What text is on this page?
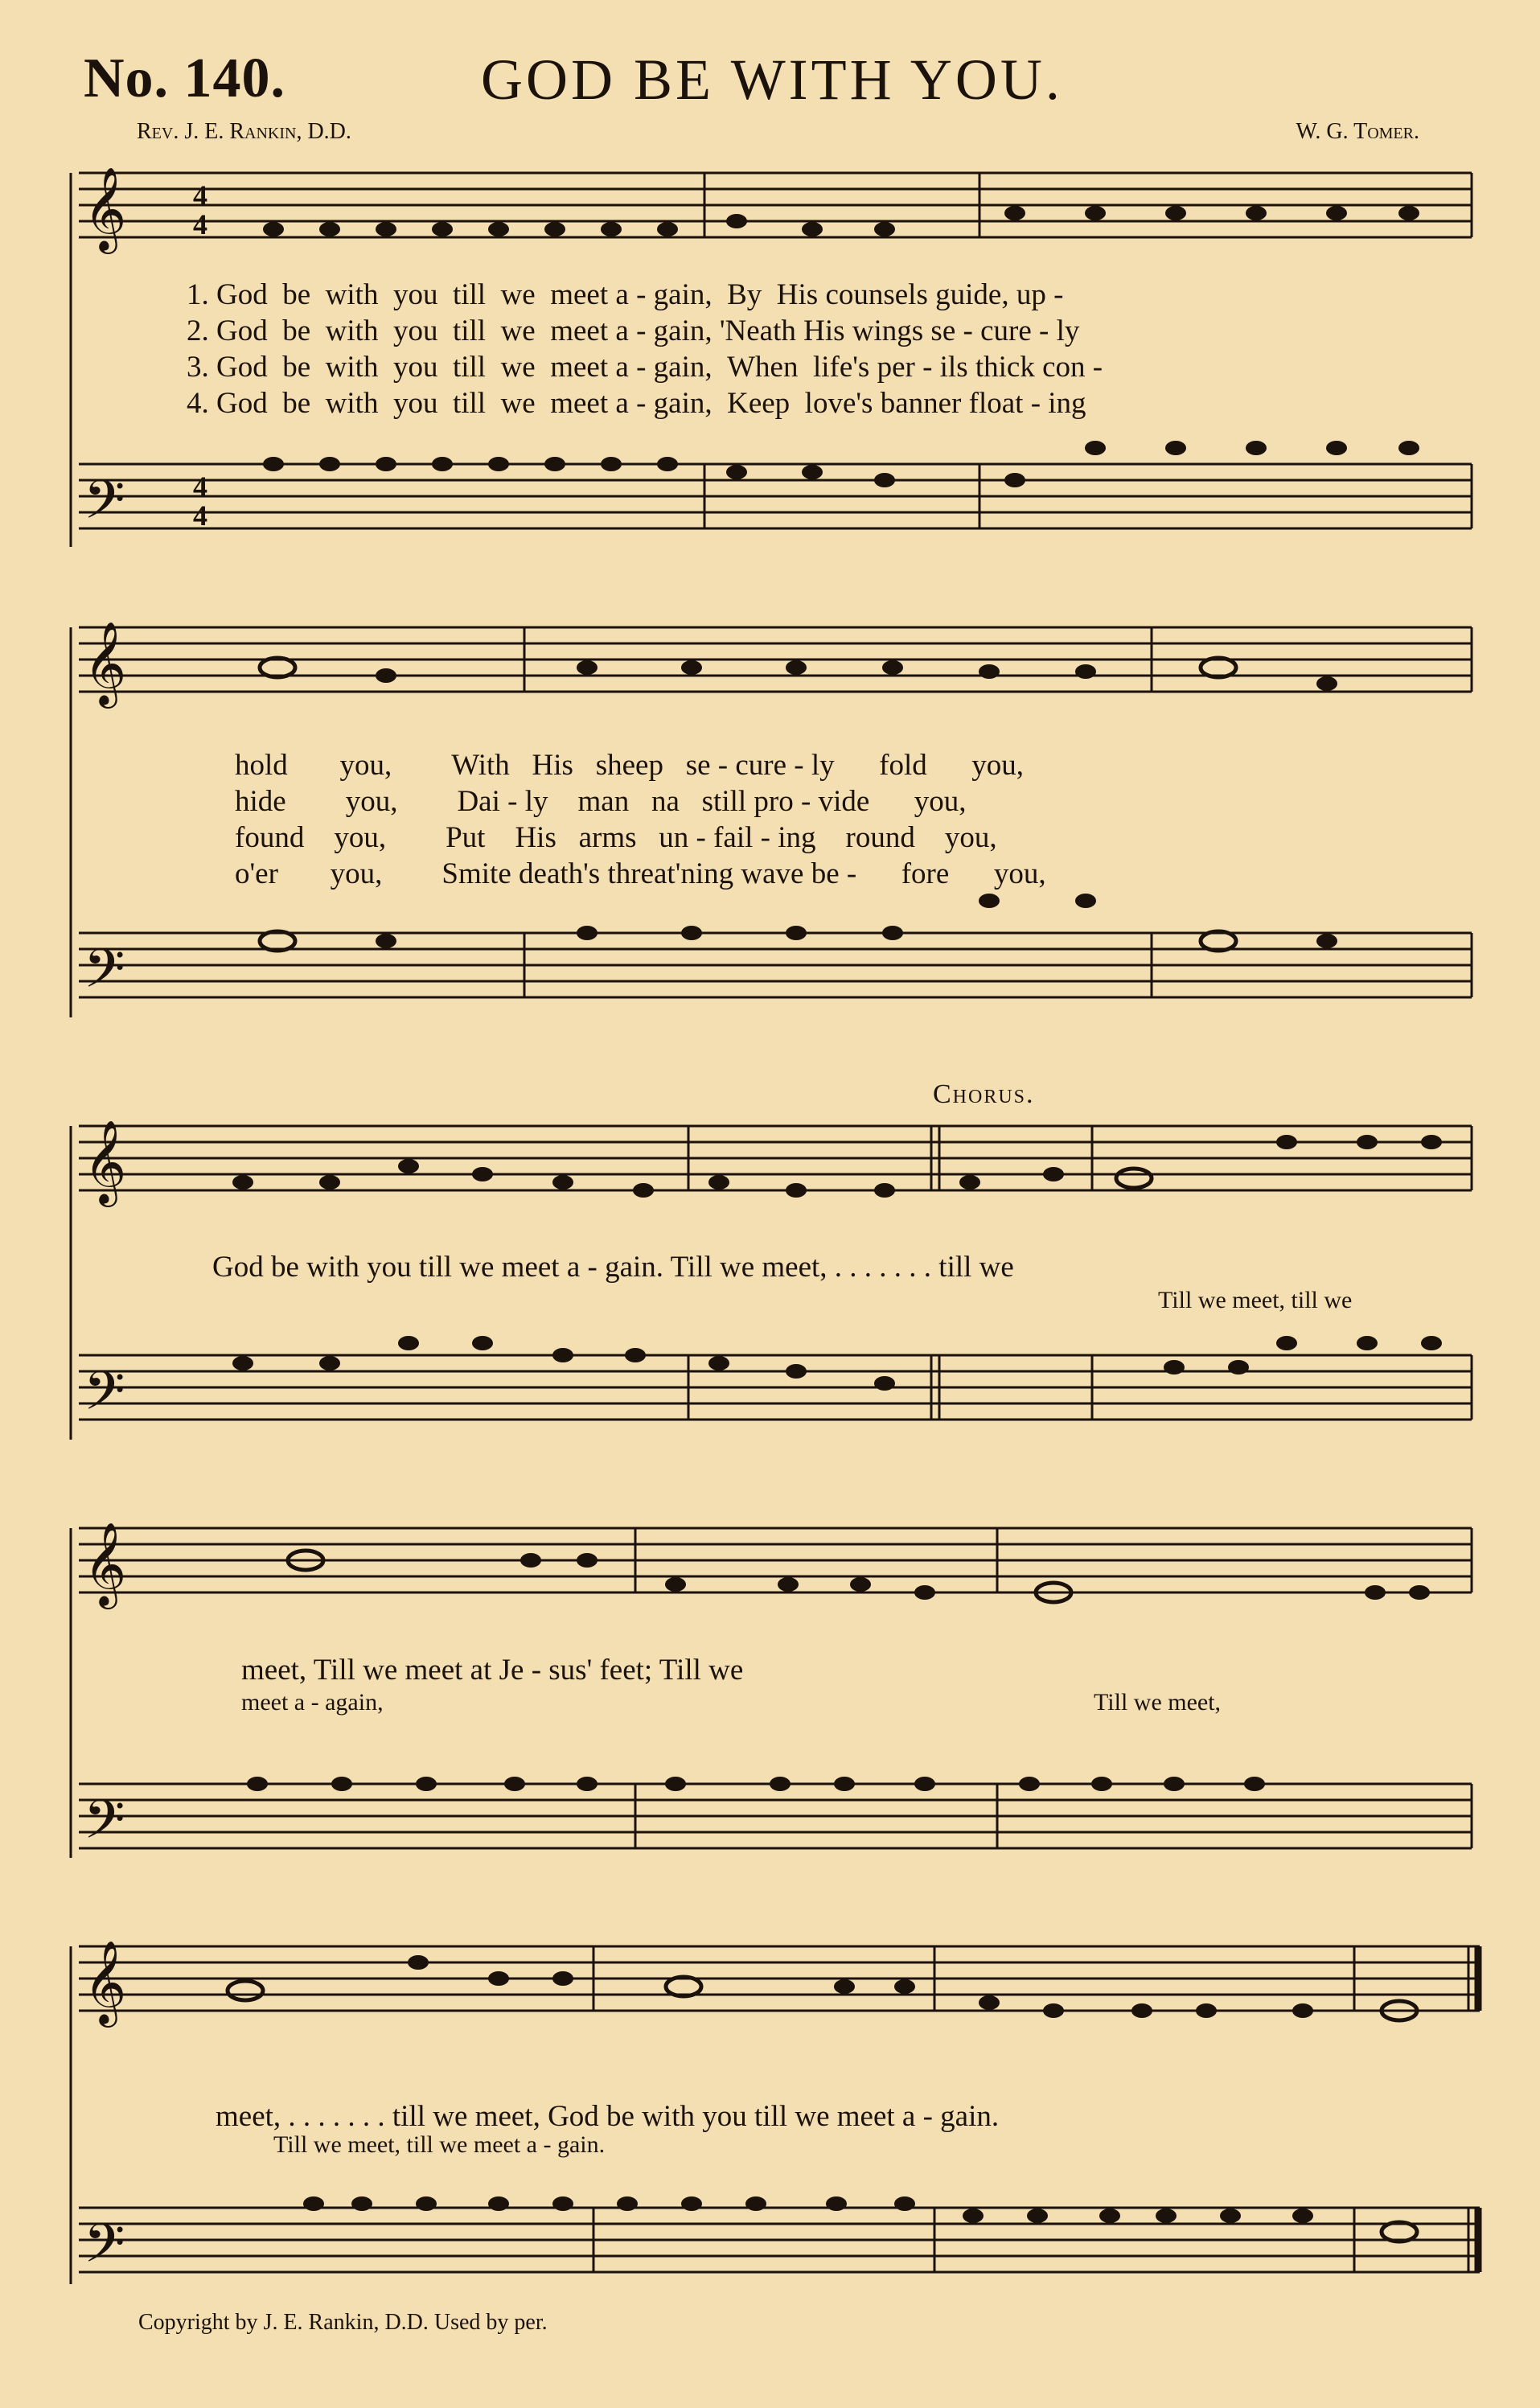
No. 140.	GOD BE WITH YOU.
Rev. J. E. Rankin, D.D.	W. G. Tomer.
𝄞
𝄢
4
4
4
4
1. God be with you till we meet a - gain, By His counsels guide, up -
2. God be with you till we meet a - gain, 'Neath His wings se - cure - ly
3. God be with you till we meet a - gain, When life's per - ils thick con -
4. God be with you till we meet a - gain, Keep love's banner float - ing
𝄞
𝄢
hold you, With His sheep se - cure - ly fold you,
hide you, Dai - ly man na still pro - vide you,
found you, Put His arms un - fail - ing round you,
o'er you, Smite death's threat'ning wave be - fore you,
𝄞
𝄢
Chorus.
God be with you till we meet a - gain. Till we meet, . . . . . . . till we
Till we meet, till we
𝄞
𝄢
meet, Till we meet at Je - sus' feet; Till we
meet a - again,	Till we meet,
𝄞
𝄢
meet, . . . . . . . till we meet, God be with you till we meet a - gain.
Till we meet, till we meet a - gain.
Copyright by J. E. Rankin, D.D. Used by per.
